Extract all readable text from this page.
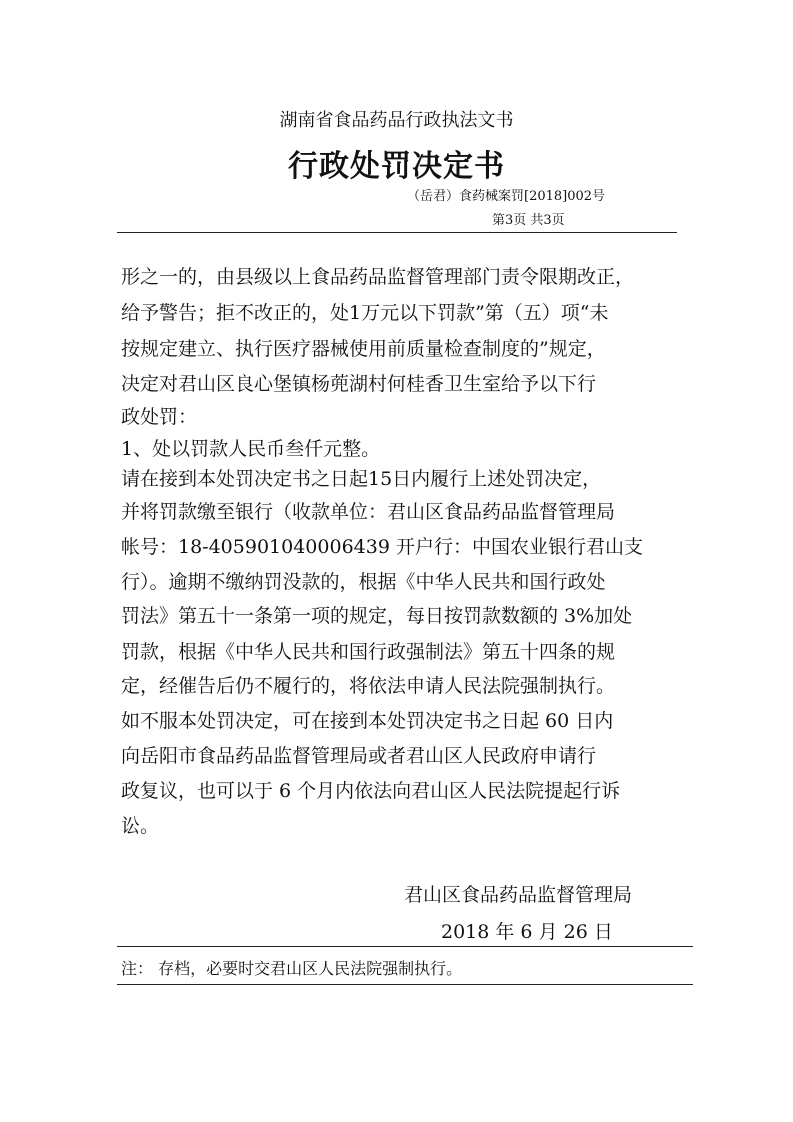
湖南省食品药品行政执法文书
行政处罚决定书
（岳君）食药械案罚[2018]002号
第3页 共3页
形之一的，由县级以上食品药品监督管理部门责令限期改正，
给予警告；拒不改正的，处1万元以下罚款”第（五）项“未
按规定建立、执行医疗器械使用前质量检查制度的”规定，
决定对君山区良心堡镇杨蔸湖村何桂香卫生室给予以下行
政处罚：
1、处以罚款人民币叁仟元整。
请在接到本处罚决定书之日起15日内履行上述处罚决定，
并将罚款缴至银行（收款单位：君山区食品药品监督管理局
帐号：18-405901040006439 开户行：中国农业银行君山支
行）。逾期不缴纳罚没款的，根据《中华人民共和国行政处
罚法》第五十一条第一项的规定，每日按罚款数额的 3%加处
罚款，根据《中华人民共和国行政强制法》第五十四条的规
定，经催告后仍不履行的，将依法申请人民法院强制执行。
如不服本处罚决定，可在接到本处罚决定书之日起 60 日内
向岳阳市食品药品监督管理局或者君山区人民政府申请行
政复议，也可以于 6 个月内依法向君山区人民法院提起行诉
讼。
君山区食品药品监督管理局
2018 年 6 月 26 日
注： 存档，必要时交君山区人民法院强制执行。
